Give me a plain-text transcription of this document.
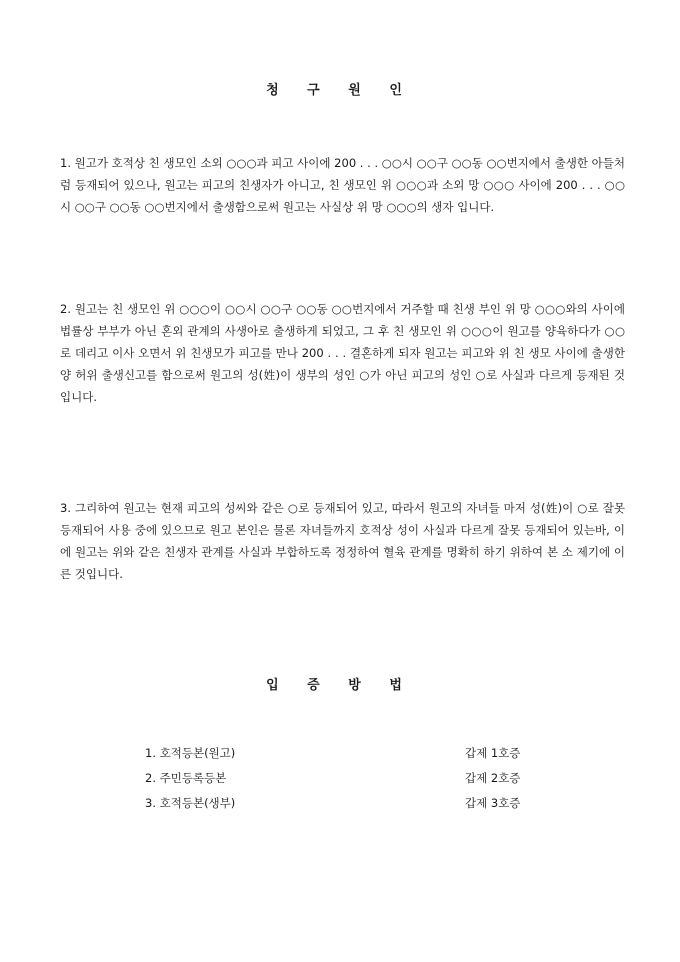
청 구 원 인
1. 원고가 호적상 친 생모인 소외 ○○○과 피고 사이에 200 . . . ○○시 ○○구 ○○동 ○○번지에서 출생한 아들처럼 등재되어 있으나, 원고는 피고의 친생자가 아니고, 친 생모인 위 ○○○과 소외 망 ○○○ 사이에 200 . . . ○○시 ○○구 ○○동 ○○번지에서 출생함으로써 원고는 사실상 위 망 ○○○의 생자 입니다.
2. 원고는 친 생모인 위 ○○○이 ○○시 ○○구 ○○동 ○○번지에서 거주할 때 친생 부인 위 망 ○○○와의 사이에 법률상 부부가 아닌 혼외 관계의 사생아로 출생하게 되었고, 그 후 친 생모인 위 ○○○이 원고를 양육하다가 ○○로 데리고 이사 오면서 위 친생모가 피고를 만나 200 . . . 결혼하게 되자 원고는 피고와 위 친 생모 사이에 출생한양 허위 출생신고를 함으로써 원고의 성(姓)이 생부의 성인 ○가 아닌 피고의 성인 ○로 사실과 다르게 등재된 것입니다.
3. 그리하여 원고는 현재 피고의 성씨와 같은 ○로 등재되어 있고, 따라서 원고의 자녀들 마저 성(姓)이 ○로 잘못 등재되어 사용 중에 있으므로 원고 본인은 물론 자녀들까지 호적상 성이 사실과 다르게 잘못 등재되어 있는바, 이에 원고는 위와 같은 친생자 관계를 사실과 부합하도록 정정하여 혈육 관계를 명확히 하기 위하여 본 소 제기에 이른 것입니다.
입 증 방 법
1. 호적등본(원고)	갑제 1호증
2. 주민등록등본	갑제 2호증
3. 호적등본(생부)	갑제 3호증
